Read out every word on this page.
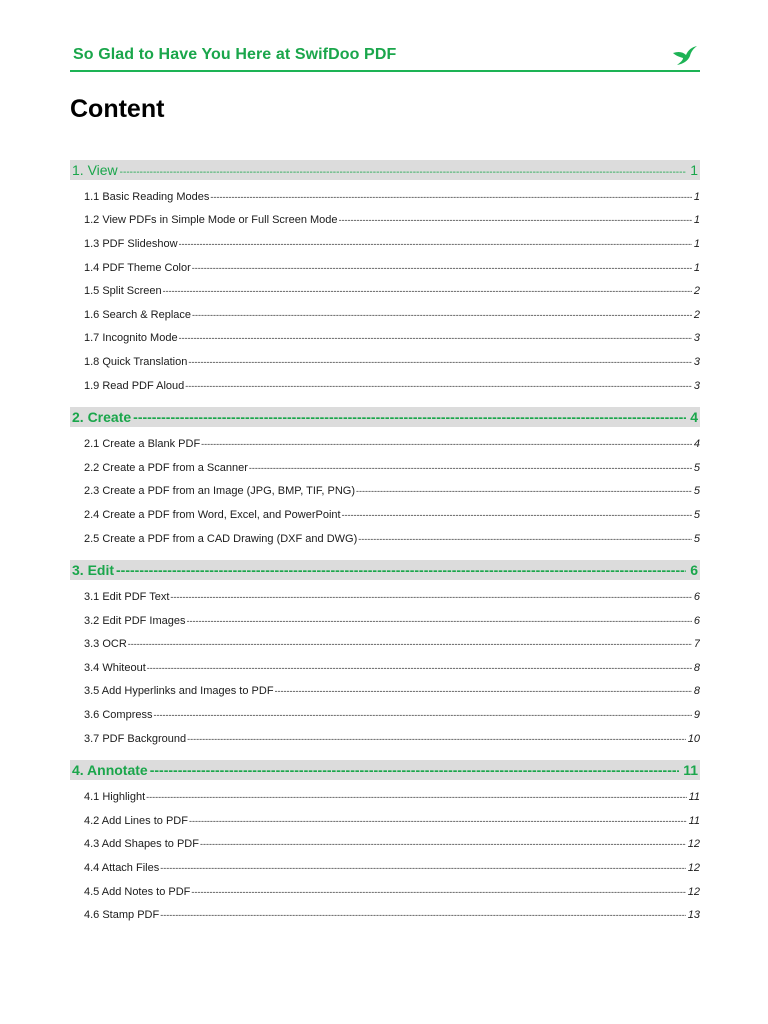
So Glad to Have You Here at SwifDoo PDF
Content
1. View -----	1
1.1 Basic Reading Modes -----	1
1.2 View PDFs in Simple Mode or Full Screen Mode -----	1
1.3 PDF Slideshow -----	1
1.4 PDF Theme Color -----	1
1.5 Split Screen -----	2
1.6 Search & Replace -----	2
1.7 Incognito Mode -----	3
1.8 Quick Translation -----	3
1.9 Read PDF Aloud -----	3
2. Create -----	4
2.1 Create a Blank PDF -----	4
2.2 Create a PDF from a Scanner -----	5
2.3 Create a PDF from an Image (JPG, BMP, TIF, PNG) -----	5
2.4 Create a PDF from Word, Excel, and PowerPoint -----	5
2.5 Create a PDF from a CAD Drawing (DXF and DWG) -----	5
3. Edit -----	6
3.1 Edit PDF Text -----	6
3.2 Edit PDF Images -----	6
3.3 OCR -----	7
3.4 Whiteout -----	8
3.5 Add Hyperlinks and Images to PDF -----	8
3.6 Compress -----	9
3.7 PDF Background -----	10
4. Annotate -----	11
4.1 Highlight -----	11
4.2 Add Lines to PDF -----	11
4.3 Add Shapes to PDF -----	12
4.4 Attach Files -----	12
4.5 Add Notes to PDF -----	12
4.6 Stamp PDF -----	13
